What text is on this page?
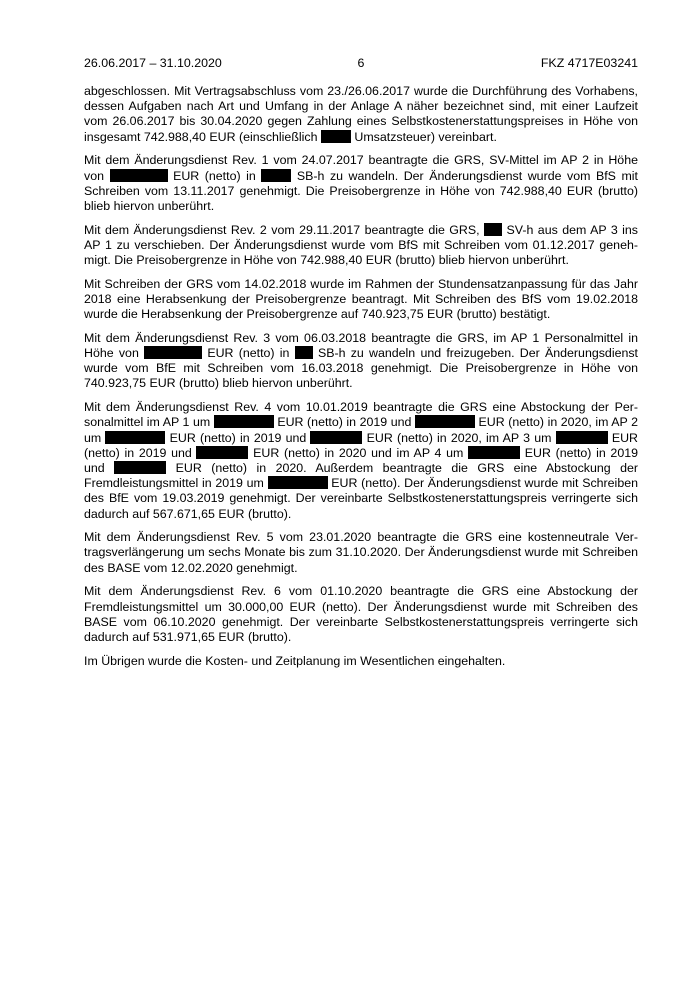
26.06.2017 – 31.10.2020	6	FKZ 4717E03241

abgeschlossen. Mit Vertragsabschluss vom 23./26.06.2017 wurde die Durchführung des Vorhabens, dessen Aufgaben nach Art und Umfang in der Anlage A näher bezeichnet sind, mit einer Laufzeit vom 26.06.2017 bis 30.04.2020 gegen Zahlung eines Selbstkostenerstattungspreises in Höhe von insgesamt 742.988,40 EUR (einschließlich	Umsatzsteuer) vereinbart.

Mit dem Änderungsdienst Rev. 1 vom 24.07.2017 beantragte die GRS, SV-Mittel im AP 2 in Höhe von	EUR (netto) in	SB-h zu wandeln. Der Änderungsdienst wurde vom BfS mit Schreiben vom 13.11.2017 genehmigt. Die Preisobergrenze in Höhe von 742.988,40 EUR (brutto) blieb hiervon unberührt.

Mit dem Änderungsdienst Rev. 2 vom 29.11.2017 beantragte die GRS, SV-h aus dem AP 3 ins AP 1 zu verschieben. Der Änderungsdienst wurde vom BfS mit Schreiben vom 01.12.2017 genehmigt. Die Preisobergrenze in Höhe von 742.988,40 EUR (brutto) blieb hiervon unberührt.

Mit Schreiben der GRS vom 14.02.2018 wurde im Rahmen der Stundensatzanpassung für das Jahr 2018 eine Herabsenkung der Preisobergrenze beantragt. Mit Schreiben des BfS vom 19.02.2018 wurde die Herabsenkung der Preisobergrenze auf 740.923,75 EUR (brutto) bestätigt.

Mit dem Änderungsdienst Rev. 3 vom 06.03.2018 beantragte die GRS, im AP 1 Personalmittel in Höhe von	EUR (netto) in SB-h zu wandeln und freizugeben. Der Änderungsdienst wurde vom BfE mit Schreiben vom 16.03.2018 genehmigt. Die Preisobergrenze in Höhe von 740.923,75 EUR (brutto) blieb hiervon unberührt.

Mit dem Änderungsdienst Rev. 4 vom 10.01.2019 beantragte die GRS eine Abstockung der Personalmittel im AP 1 um	EUR (netto) in 2019 und	EUR (netto) in 2020, im AP 2 um	EUR (netto) in 2019 und	EUR (netto) in 2020, im AP 3 um	EUR (netto) in 2019 und	EUR (netto) in 2020 und im AP 4 um	EUR (netto) in 2019 und	EUR (netto) in 2020. Außerdem beantragte die GRS eine Abstockung der Fremdleistungsmittel in 2019 um	EUR (netto). Der Änderungsdienst wurde mit Schreiben des BfE vom 19.03.2019 genehmigt. Der vereinbarte Selbstkostenerstattungspreis verringerte sich dadurch auf 567.671,65 EUR (brutto).

Mit dem Änderungsdienst Rev. 5 vom 23.01.2020 beantragte die GRS eine kostenneutrale Vertragsverlängerung um sechs Monate bis zum 31.10.2020. Der Änderungsdienst wurde mit Schreiben des BASE vom 12.02.2020 genehmigt.

Mit dem Änderungsdienst Rev. 6 vom 01.10.2020 beantragte die GRS eine Abstockung der Fremdleistungsmittel um 30.000,00 EUR (netto). Der Änderungsdienst wurde mit Schreiben des BASE vom 06.10.2020 genehmigt. Der vereinbarte Selbstkostenerstattungspreis verringerte sich dadurch auf 531.971,65 EUR (brutto).

Im Übrigen wurde die Kosten- und Zeitplanung im Wesentlichen eingehalten.
